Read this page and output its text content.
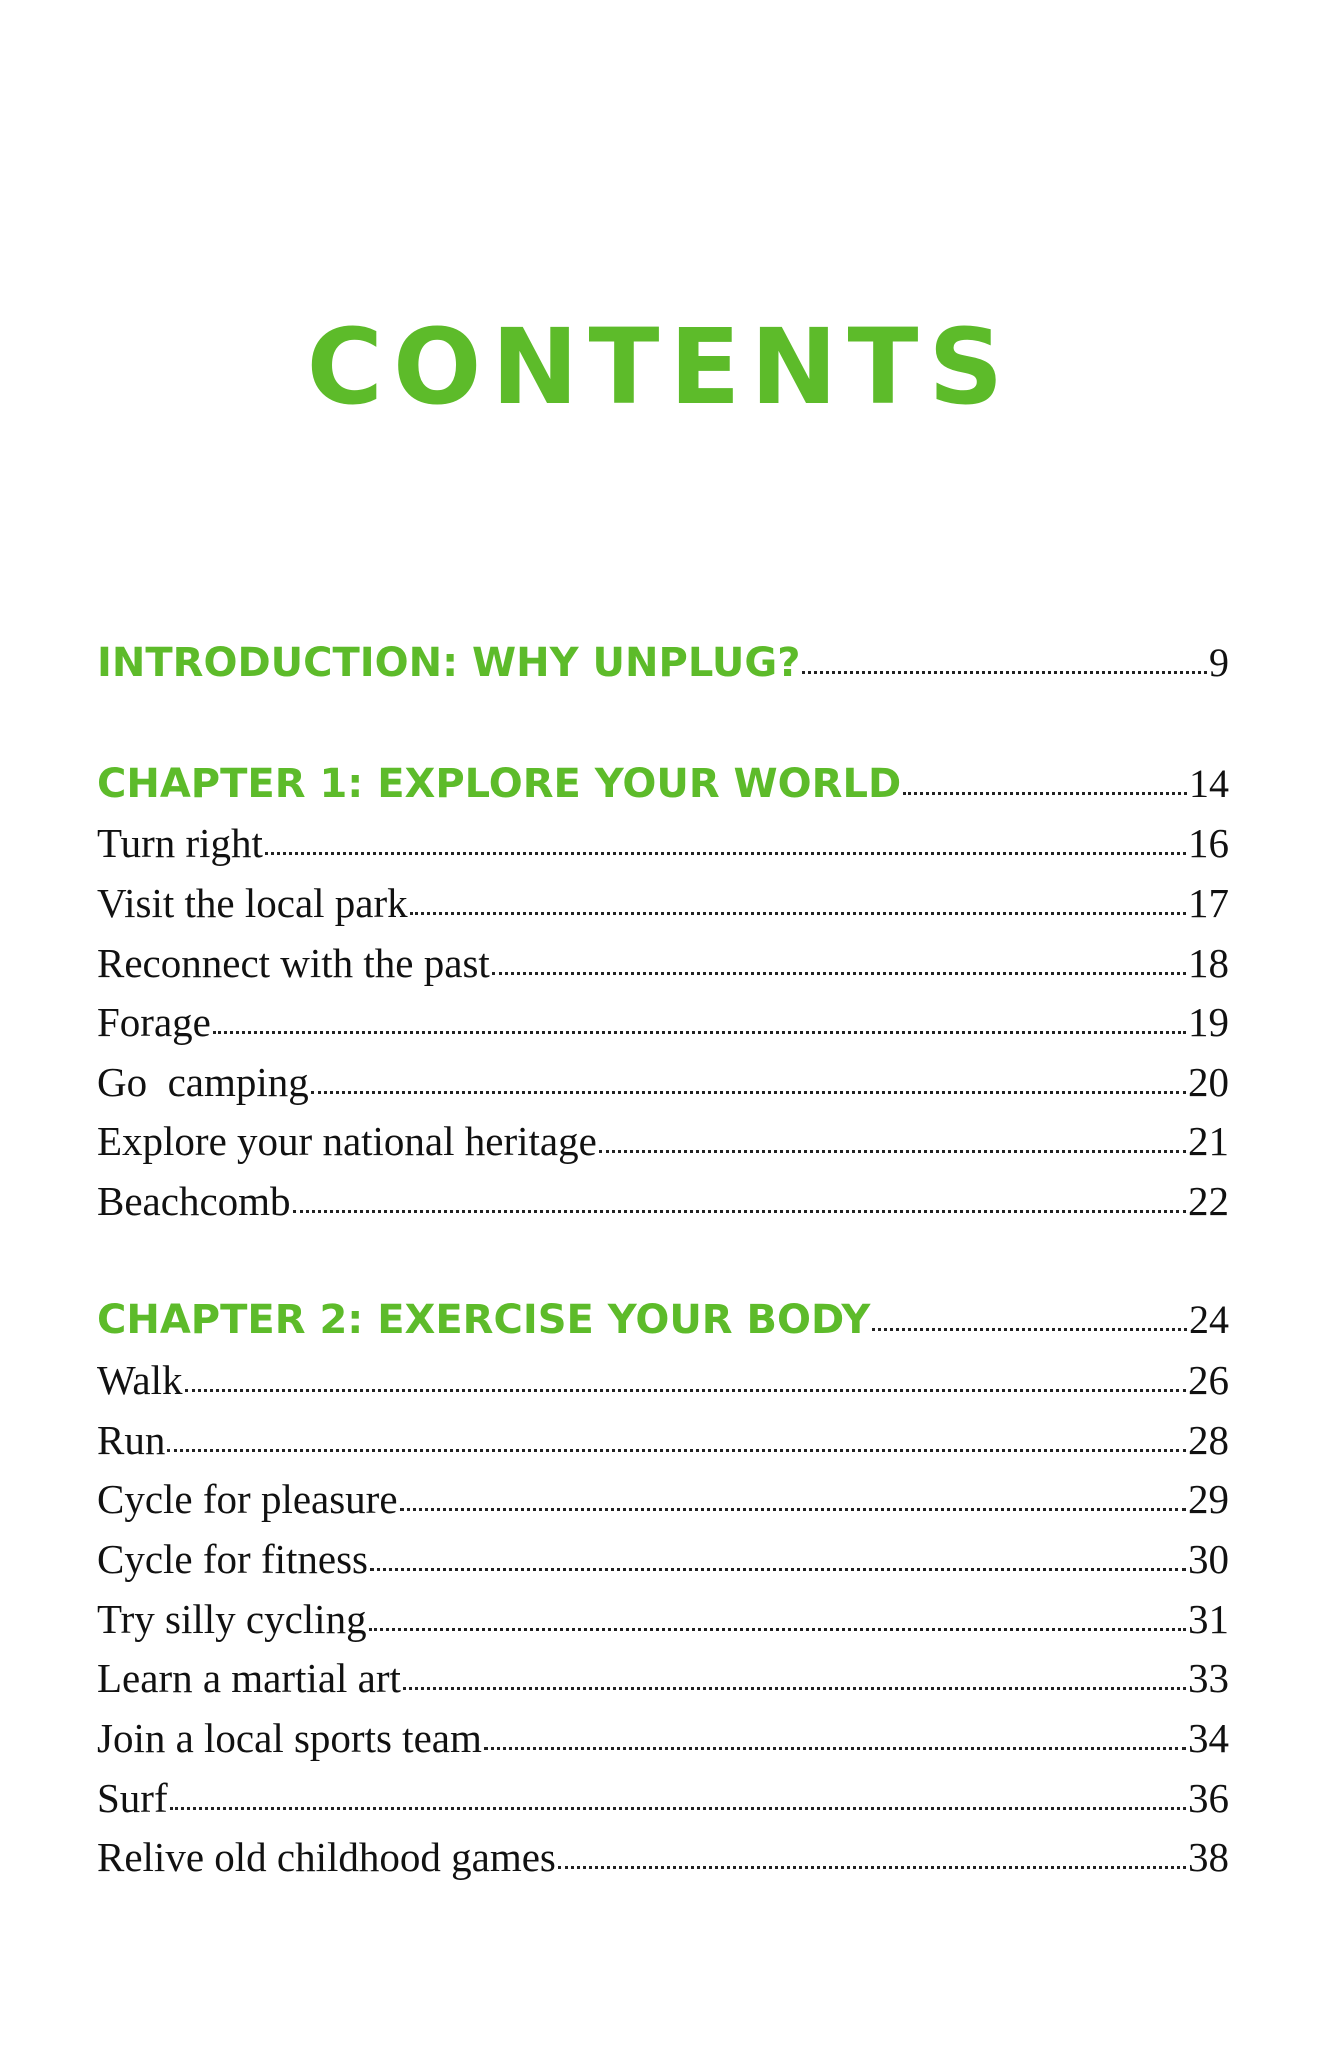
CONTENTS
INTRODUCTION: WHY UNPLUG?	9
CHAPTER 1: EXPLORE YOUR WORLD	14
Turn right	16
Visit the local park	17
Reconnect with the past	18
Forage	19
Go  camping	20
Explore your national heritage	21
Beachcomb	22
CHAPTER 2: EXERCISE YOUR BODY	24
Walk	26
Run	28
Cycle for pleasure	29
Cycle for fitness	30
Try silly cycling	31
Learn a martial art	33
Join a local sports team	34
Surf	36
Relive old childhood games	38
